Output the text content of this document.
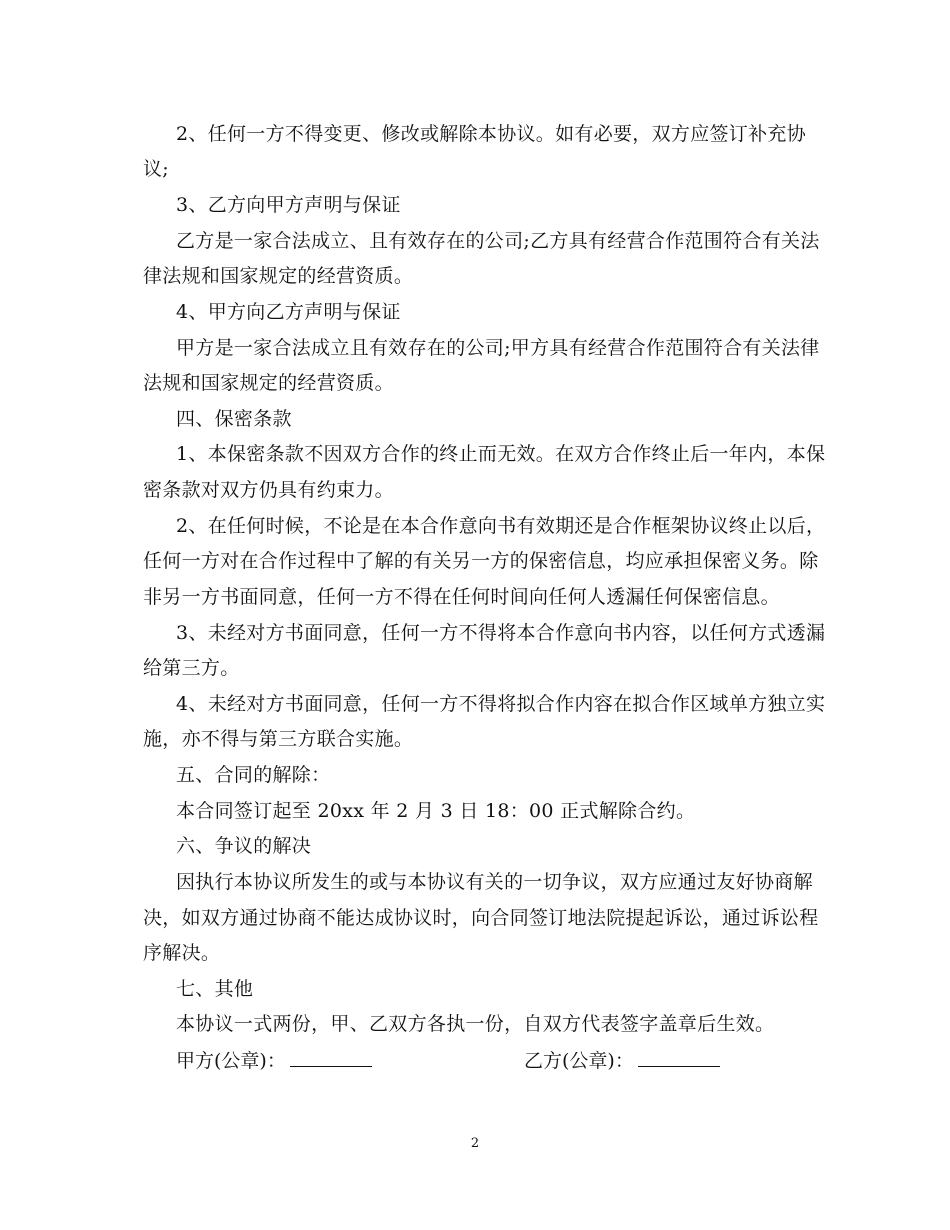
2、任何一方不得变更、修改或解除本协议。如有必要，双方应签订补充协
议;
3、乙方向甲方声明与保证
乙方是一家合法成立、且有效存在的公司;乙方具有经营合作范围符合有关法
律法规和国家规定的经营资质。
4、甲方向乙方声明与保证
甲方是一家合法成立且有效存在的公司;甲方具有经营合作范围符合有关法律
法规和国家规定的经营资质。
四、保密条款
1、本保密条款不因双方合作的终止而无效。在双方合作终止后一年内，本保
密条款对双方仍具有约束力。
2、在任何时候，不论是在本合作意向书有效期还是合作框架协议终止以后，
任何一方对在合作过程中了解的有关另一方的保密信息，均应承担保密义务。除
非另一方书面同意，任何一方不得在任何时间向任何人透漏任何保密信息。
3、未经对方书面同意，任何一方不得将本合作意向书内容，以任何方式透漏
给第三方。
4、未经对方书面同意，任何一方不得将拟合作内容在拟合作区域单方独立实
施，亦不得与第三方联合实施。
五、合同的解除：
本合同签订起至 20xx 年 2 月 3 日 18：00 正式解除合约。
六、争议的解决
因执行本协议所发生的或与本协议有关的一切争议，双方应通过友好协商解
决，如双方通过协商不能达成协议时，向合同签订地法院提起诉讼，通过诉讼程
序解决。
七、其他
本协议一式两份，甲、乙双方各执一份，自双方代表签字盖章后生效。
甲方(公章)：	乙方(公章)：
2
